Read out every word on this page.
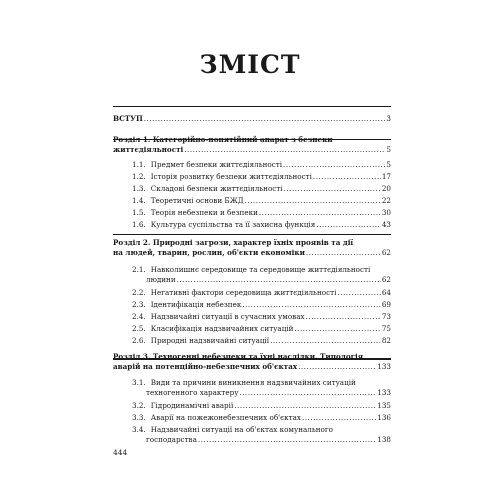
ЗМІСТ
ВСТУП .....	3
Розділ 1. Категорійно-понятійний апарат з безпеки
життєдіяльності .....	5
1.1. Предмет безпеки життєдіяльності .....	5
1.2. Історія розвитку безпеки життєдіяльності .....	17
1.3. Складові безпеки життєдіяльності .....	20
1.4. Теоретичні основи БЖД .....	22
1.5. Теорія небезпеки и безпеки .....	30
1.6. Культура суспільства та її захисна функція .....	43
Розділ 2. Природні загрози, характер їхніх проявів та дії
на людей, тварин, рослин, об'єкти економіки .....	62
2.1. Навколишнє середовище та середовище життєдіяльності
людини .....	62
2.2. Негативні фактори середовища життєдіяльності .....	64
2.3. Ідентифікація небезпек .....	69
2.4. Надзвичайні ситуації в сучасних умовах .....	73
2.5. Класифікація надзвичайних ситуацій .....	75
2.6. Природні надзвичайні ситуації .....	82
Розділ 3. Техногенні небезпеки та їхні наслідки. Типологія
аварій на потенційно-небезпечних об'єктах .....	133
3.1. Види та причини виникнення надзвичайних ситуацій
техногенного характеру .....	133
3.2. Гідродинамічні аварії .....	135
3.3. Аварії на пожежонебезпечних об'єктах .....	136
3.4. Надзвичайні ситуації на об'єктах комунального
господарства .....	138
444
